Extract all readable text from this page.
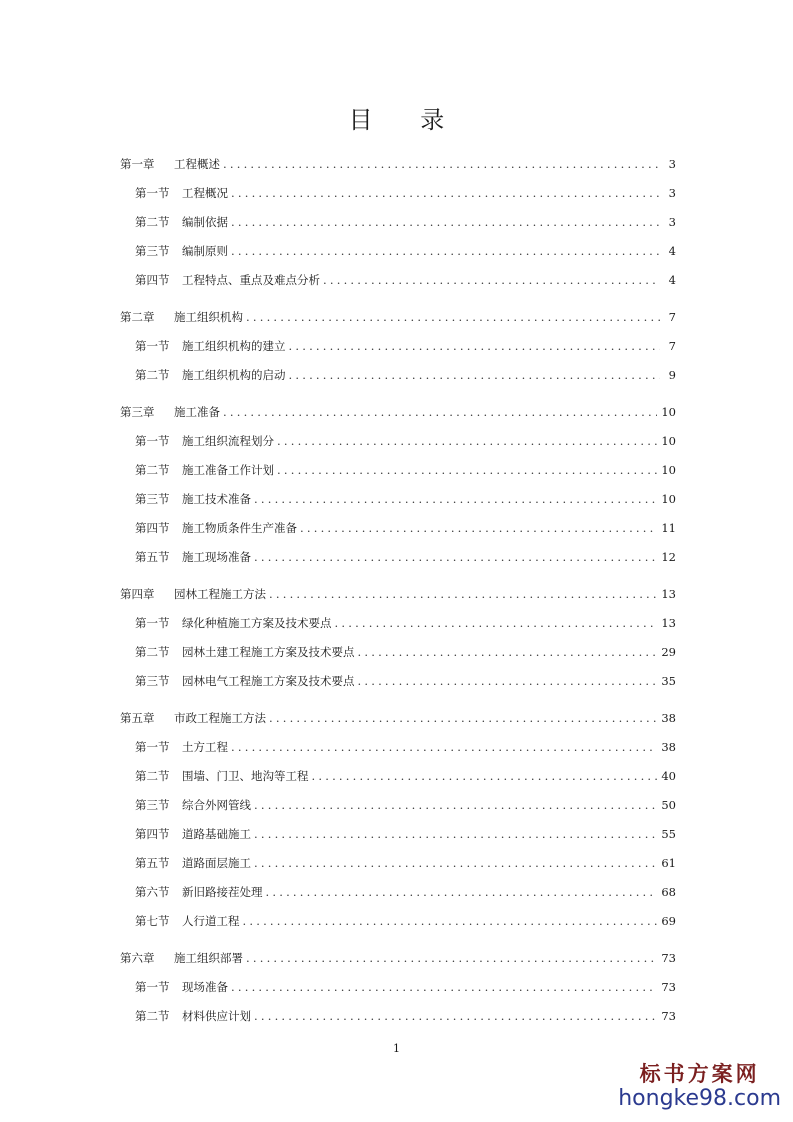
目 录
第一章 工程概述 .....	3
第一节 工程概况 .....	3
第二节 编制依据 .....	3
第三节 编制原则 .....	4
第四节 工程特点、重点及难点分析 .....	4
第二章 施工组织机构 .....	7
第一节 施工组织机构的建立 .....	7
第二节 施工组织机构的启动 .....	9
第三章 施工准备 .....	10
第一节 施工组织流程划分 .....	10
第二节 施工准备工作计划 .....	10
第三节 施工技术准备 .....	10
第四节 施工物质条件生产准备 .....	11
第五节 施工现场准备 .....	12
第四章 园林工程施工方法 .....	13
第一节 绿化种植施工方案及技术要点 .....	13
第二节 园林土建工程施工方案及技术要点 .....	29
第三节 园林电气工程施工方案及技术要点 .....	35
第五章 市政工程施工方法 .....	38
第一节 土方工程 .....	38
第二节 围墙、门卫、地沟等工程 .....	40
第三节 综合外网管线 .....	50
第四节 道路基础施工 .....	55
第五节 道路面层施工 .....	61
第六节 新旧路接茬处理 .....	68
第七节 人行道工程 .....	69
第六章 施工组织部署 .....	73
第一节 现场准备 .....	73
第二节 材料供应计划 .....	73
1
标书方案网
hongke98.com
